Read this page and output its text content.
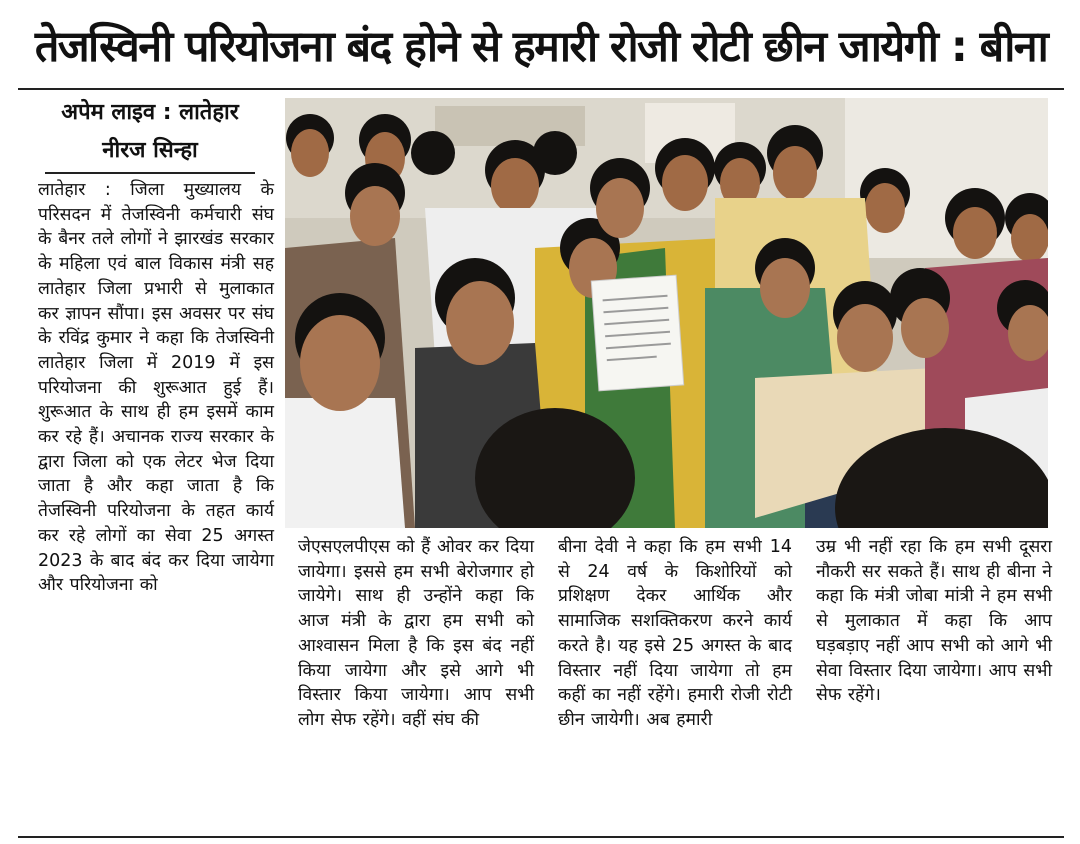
तेजस्विनी परियोजना बंद होने से हमारी रोजी रोटी छीन जायेगी : बीना
अपेम लाइव : लातेहार
नीरज सिन्हा

लातेहार : जिला मुख्यालय के परिसदन में तेजस्विनी कर्मचारी संघ के बैनर तले लोगों ने झारखंड सरकार के महिला एवं बाल विकास मंत्री सह लातेहार जिला प्रभारी से मुलाकात कर ज्ञापन सौंपा। इस अवसर पर संघ के रविंद्र कुमार ने कहा कि तेजस्विनी लातेहार जिला में 2019 में इस परियोजना की शुरूआत हुई हैं। शुरूआत के साथ ही हम इसमें काम कर रहे हैं। अचानक राज्य सरकार के द्वारा जिला को एक लेटर भेज दिया जाता है और कहा जाता है कि तेजस्विनी परियोजना के तहत कार्य कर रहे लोगों का सेवा 25 अगस्त 2023 के बाद बंद कर दिया जायेगा और परियोजना को

जेएसएलपीएस को हैं ओवर कर दिया जायेगा। इससे हम सभी बेरोजगार हो जायेगे। साथ ही उन्होंने कहा कि आज मंत्री के द्वारा हम सभी को आश्वासन मिला है कि इस बंद नहीं किया जायेगा और इसे आगे भी विस्तार किया जायेगा। आप सभी लोग सेफ रहेंगे। वहीं संघ की

बीना देवी ने कहा कि हम सभी 14 से 24 वर्ष के किशोरियों को प्रशिक्षण देकर आर्थिक और सामाजिक सशक्तिकरण करने कार्य करते है। यह इसे 25 अगस्त के बाद विस्तार नहीं दिया जायेगा तो हम कहीं का नहीं रहेंगे। हमारी रोजी रोटी छीन जायेगी। अब हमारी

उम्र भी नहीं रहा कि हम सभी दूसरा नौकरी सर सकते हैं। साथ ही बीना ने कहा कि मंत्री जोबा मांत्री ने हम सभी से मुलाकात में कहा कि आप घड़बड़ाए नहीं आप सभी को आगे भी सेवा विस्तार दिया जायेगा। आप सभी सेफ रहेंगे।
